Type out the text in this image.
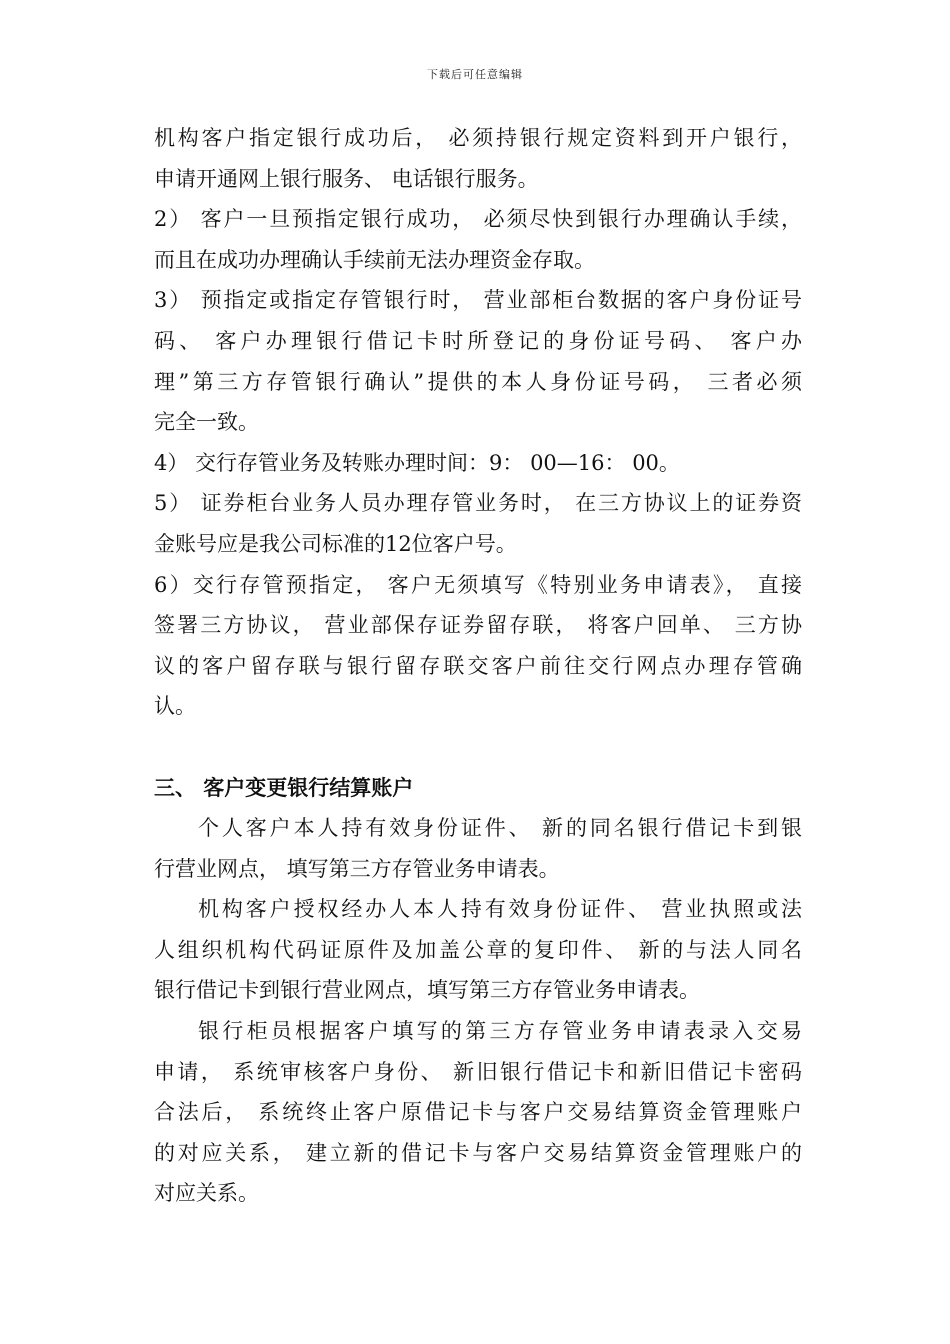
下载后可任意编辑
机构客户指定银行成功后， 必须持银行规定资料到开户银行，
申请开通网上银行服务、 电话银行服务。
2） 客户一旦预指定银行成功， 必须尽快到银行办理确认手续，
而且在成功办理确认手续前无法办理资金存取。
3） 预指定或指定存管银行时， 营业部柜台数据的客户身份证号
码、 客户办理银行借记卡时所登记的身份证号码、 客户办
理”第三方存管银行确认”提供的本人身份证号码， 三者必须
完全一致。
4） 交行存管业务及转账办理时间：9： 00—16： 00。
5） 证券柜台业务人员办理存管业务时， 在三方协议上的证券资
金账号应是我公司标准的12位客户号。
6）交行存管预指定， 客户无须填写《特别业务申请表》， 直接
签署三方协议， 营业部保存证券留存联， 将客户回单、 三方协
议的客户留存联与银行留存联交客户前往交行网点办理存管确
认。
三、 客户变更银行结算账户
个人客户本人持有效身份证件、 新的同名银行借记卡到银
行营业网点， 填写第三方存管业务申请表。
机构客户授权经办人本人持有效身份证件、 营业执照或法
人组织机构代码证原件及加盖公章的复印件、 新的与法人同名
银行借记卡到银行营业网点，填写第三方存管业务申请表。
银行柜员根据客户填写的第三方存管业务申请表录入交易
申请， 系统审核客户身份、 新旧银行借记卡和新旧借记卡密码
合法后， 系统终止客户原借记卡与客户交易结算资金管理账户
的对应关系， 建立新的借记卡与客户交易结算资金管理账户的
对应关系。
